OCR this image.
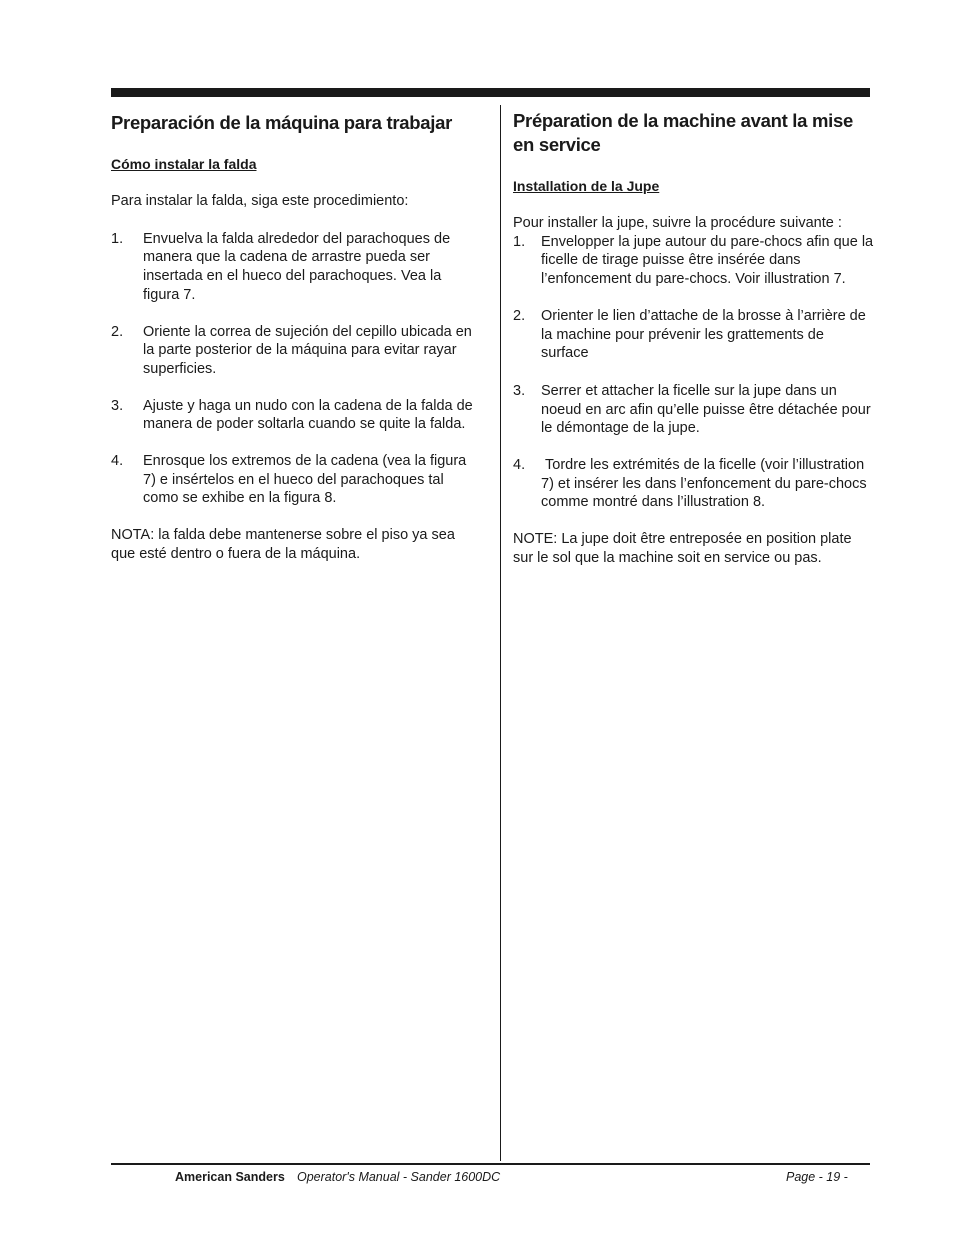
Preparación de la máquina para trabajar

Cómo instalar la falda

Para instalar la falda, siga este procedimiento:

1.	Envuelva la falda alrededor del parachoques de manera que la cadena de arrastre pueda ser insertada en el hueco del parachoques. Vea la figura 7.
2.	Oriente la correa de sujeción del cepillo ubicada en la parte posterior de la máquina para evitar rayar superficies.
3.	Ajuste y haga un nudo con la cadena de la falda de manera de poder soltarla cuando se quite la falda.
4.	Enrosque los extremos de la cadena (vea la figura 7) e insértelos en el hueco del parachoques tal como se exhibe en la figura 8.

NOTA: la falda debe mantenerse sobre el piso ya sea que esté dentro o fuera de la máquina.

Préparation de la machine avant la mise en service

Installation de la Jupe

Pour installer la jupe, suivre la procédure suivante :

1.	Envelopper la jupe autour du pare-chocs afin que la ficelle de tirage puisse être insérée dans l’enfoncement du pare-chocs. Voir illustration 7.
2.	Orienter le lien d’attache de la brosse à l’arrière de la machine pour prévenir les grattements de surface
3.	Serrer et attacher la ficelle sur la jupe dans un noeud en arc afin qu’elle puisse être détachée pour le démontage de la jupe.
4.	Tordre les extrémités de la ficelle (voir l’illustration 7) et insérer les dans l’enfoncement du pare-chocs comme montré dans l’illustration 8.

NOTE: La jupe doit être entreposée en position plate sur le sol que la machine soit en service ou pas.

American Sanders Operator's Manual - Sander 1600DC	Page - 19 -
